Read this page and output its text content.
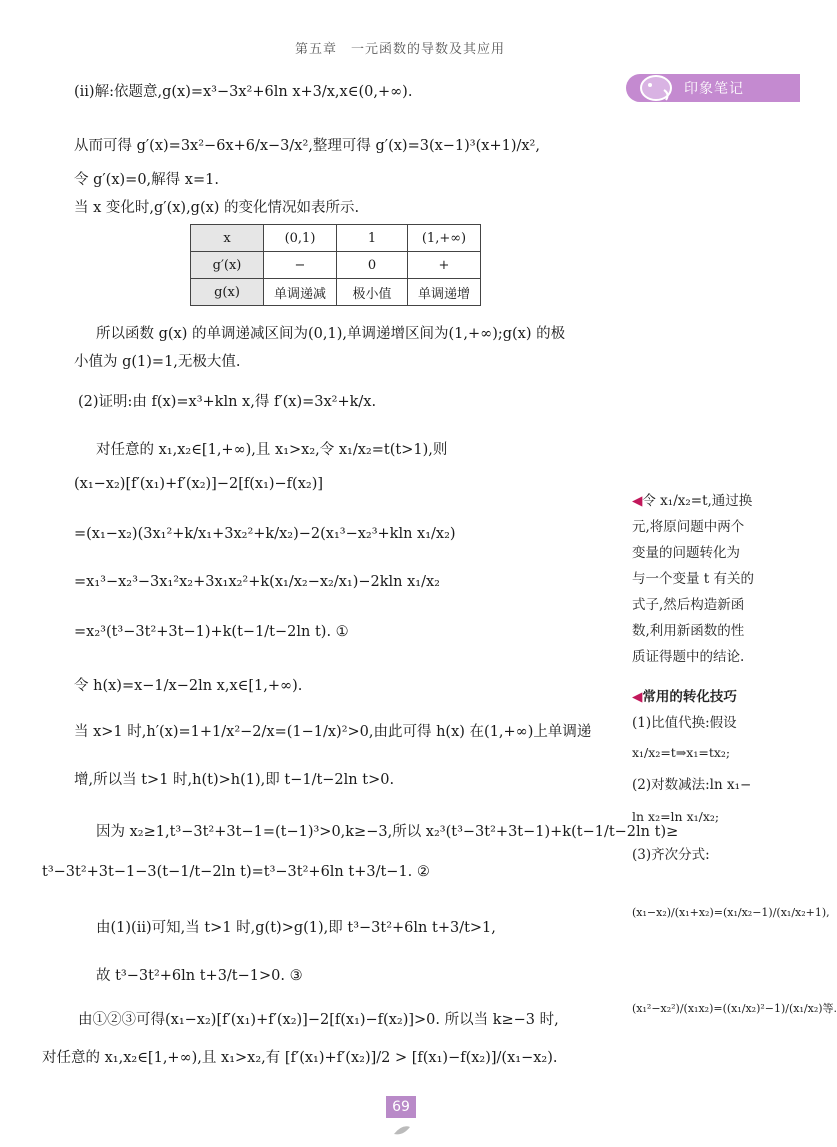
第五章 一元函数的导数及其应用
印象笔记
(ⅱ)解:依题意,g(x)=x³−3x²+6ln x+3/x,x∈(0,+∞).
从而可得 g′(x)=3x²−6x+6/x−3/x²,整理可得 g′(x)=3(x−1)³(x+1)/x²,
令 g′(x)=0,解得 x=1.
当 x 变化时,g′(x),g(x) 的变化情况如表所示.
x	(0,1)	1	(1,+∞)
g′(x)	−	0	+
g(x)	单调递减	极小值	单调递增
所以函数 g(x) 的单调递减区间为(0,1),单调递增区间为(1,+∞);g(x) 的极
小值为 g(1)=1,无极大值.
(2)证明:由 f(x)=x³+kln x,得 f′(x)=3x²+k/x.
对任意的 x₁,x₂∈[1,+∞),且 x₁>x₂,令 x₁/x₂=t(t>1),则
(x₁−x₂)[f′(x₁)+f′(x₂)]−2[f(x₁)−f(x₂)]
=(x₁−x₂)(3x₁²+k/x₁+3x₂²+k/x₂)−2(x₁³−x₂³+kln x₁/x₂)
=x₁³−x₂³−3x₁²x₂+3x₁x₂²+k(x₁/x₂−x₂/x₁)−2kln x₁/x₂
=x₂³(t³−3t²+3t−1)+k(t−1/t−2ln t). ①
令 h(x)=x−1/x−2ln x,x∈[1,+∞).
当 x>1 时,h′(x)=1+1/x²−2/x=(1−1/x)²>0,由此可得 h(x) 在(1,+∞)上单调递
增,所以当 t>1 时,h(t)>h(1),即 t−1/t−2ln t>0.
因为 x₂≥1,t³−3t²+3t−1=(t−1)³>0,k≥−3,所以 x₂³(t³−3t²+3t−1)+k(t−1/t−2ln t)≥
t³−3t²+3t−1−3(t−1/t−2ln t)=t³−3t²+6ln t+3/t−1. ②
由(1)(ⅱ)可知,当 t>1 时,g(t)>g(1),即 t³−3t²+6ln t+3/t>1,
故 t³−3t²+6ln t+3/t−1>0. ③
由①②③可得(x₁−x₂)[f′(x₁)+f′(x₂)]−2[f(x₁)−f(x₂)]>0. 所以当 k≥−3 时,
对任意的 x₁,x₂∈[1,+∞),且 x₁>x₂,有 [f′(x₁)+f′(x₂)]/2 > [f(x₁)−f(x₂)]/(x₁−x₂).
◀令 x₁/x₂=t,通过换
元,将原问题中两个
变量的问题转化为
与一个变量 t 有关的
式子,然后构造新函
数,利用新函数的性
质证得题中的结论.
◀常用的转化技巧
(1)比值代换:假设
x₁/x₂=t⇒x₁=tx₂;
(2)对数减法:ln x₁−
ln x₂=ln x₁/x₂;
(3)齐次分式:
(x₁−x₂)/(x₁+x₂)=(x₁/x₂−1)/(x₁/x₂+1),
(x₁²−x₂²)/(x₁x₂)=((x₁/x₂)²−1)/(x₁/x₂)等.
69
